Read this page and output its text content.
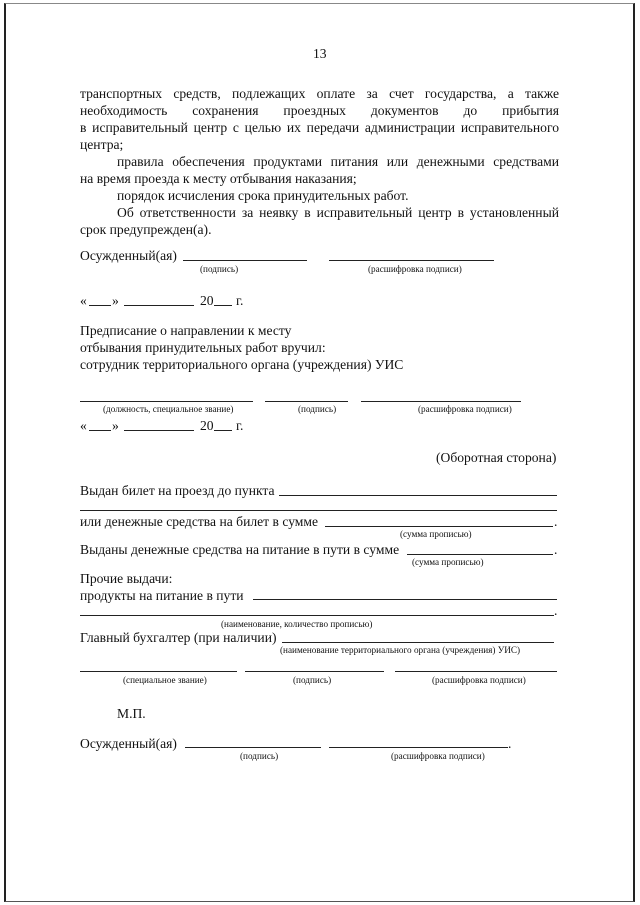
13
транспортных средств, подлежащих оплате за счет государства, а также
необходимость сохранения проездных документов до прибытия
в исправительный центр с целью их передачи администрации исправительного
центра;
правила обеспечения продуктами питания или денежными средствами
на время проезда к месту отбывания наказания;
порядок исчисления срока принудительных работ.
Об ответственности за неявку в исправительный центр в установленный
срок предупрежден(а).
Осужденный(ая)
(подпись)	(расшифровка подписи)
« »	20 г.
Предписание о направлении к месту
отбывания принудительных работ вручил:
сотрудник территориального органа (учреждения) УИС
(должность, специальное звание)	(подпись)	(расшифровка подписи)
« »	20 г.
(Оборотная сторона)
Выдан билет на проезд до пункта
или денежные средства на билет в сумме	.
(сумма прописью)
Выданы денежные средства на питание в пути в сумме	.
(сумма прописью)
Прочие выдачи:
продукты на питание в пути
.
(наименование, количество прописью)
Главный бухгалтер (при наличии)
(наименование территориального органа (учреждения) УИС)
(специальное звание)	(подпись)	(расшифровка подписи)
М.П.
Осужденный(ая)	.
(подпись)	(расшифровка подписи)
